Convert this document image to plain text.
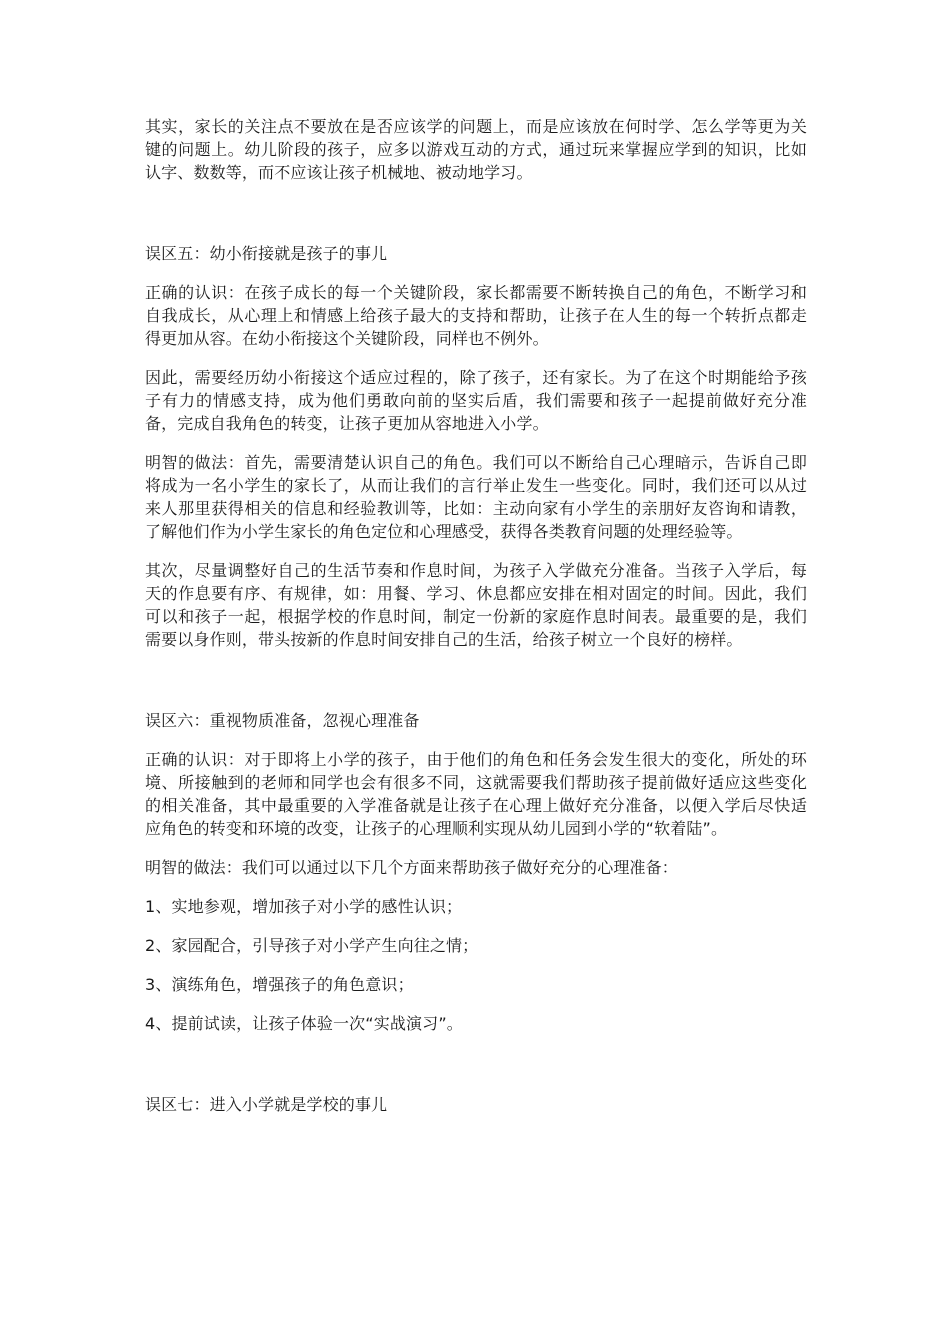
其实，家长的关注点不要放在是否应该学的问题上，而是应该放在何时学、怎么学等更为关键的问题上。幼儿阶段的孩子，应多以游戏互动的方式，通过玩来掌握应学到的知识，比如认字、数数等，而不应该让孩子机械地、被动地学习。

误区五：幼小衔接就是孩子的事儿

正确的认识：在孩子成长的每一个关键阶段，家长都需要不断转换自己的角色，不断学习和自我成长，从心理上和情感上给孩子最大的支持和帮助，让孩子在人生的每一个转折点都走得更加从容。在幼小衔接这个关键阶段，同样也不例外。

因此，需要经历幼小衔接这个适应过程的，除了孩子，还有家长。为了在这个时期能给予孩子有力的情感支持，成为他们勇敢向前的坚实后盾，我们需要和孩子一起提前做好充分准备，完成自我角色的转变，让孩子更加从容地进入小学。

明智的做法：首先，需要清楚认识自己的角色。我们可以不断给自己心理暗示，告诉自己即将成为一名小学生的家长了，从而让我们的言行举止发生一些变化。同时，我们还可以从过来人那里获得相关的信息和经验教训等，比如：主动向家有小学生的亲朋好友咨询和请教，了解他们作为小学生家长的角色定位和心理感受，获得各类教育问题的处理经验等。

其次，尽量调整好自己的生活节奏和作息时间，为孩子入学做充分准备。当孩子入学后，每天的作息要有序、有规律，如：用餐、学习、休息都应安排在相对固定的时间。因此，我们可以和孩子一起，根据学校的作息时间，制定一份新的家庭作息时间表。最重要的是，我们需要以身作则，带头按新的作息时间安排自己的生活，给孩子树立一个良好的榜样。

误区六：重视物质准备，忽视心理准备

正确的认识：对于即将上小学的孩子，由于他们的角色和任务会发生很大的变化，所处的环境、所接触到的老师和同学也会有很多不同，这就需要我们帮助孩子提前做好适应这些变化的相关准备，其中最重要的入学准备就是让孩子在心理上做好充分准备，以便入学后尽快适应角色的转变和环境的改变，让孩子的心理顺利实现从幼儿园到小学的“软着陆”。

明智的做法：我们可以通过以下几个方面来帮助孩子做好充分的心理准备：

1、实地参观，增加孩子对小学的感性认识；

2、家园配合，引导孩子对小学产生向往之情；

3、演练角色，增强孩子的角色意识；

4、提前试读，让孩子体验一次“实战演习”。

误区七：进入小学就是学校的事儿
